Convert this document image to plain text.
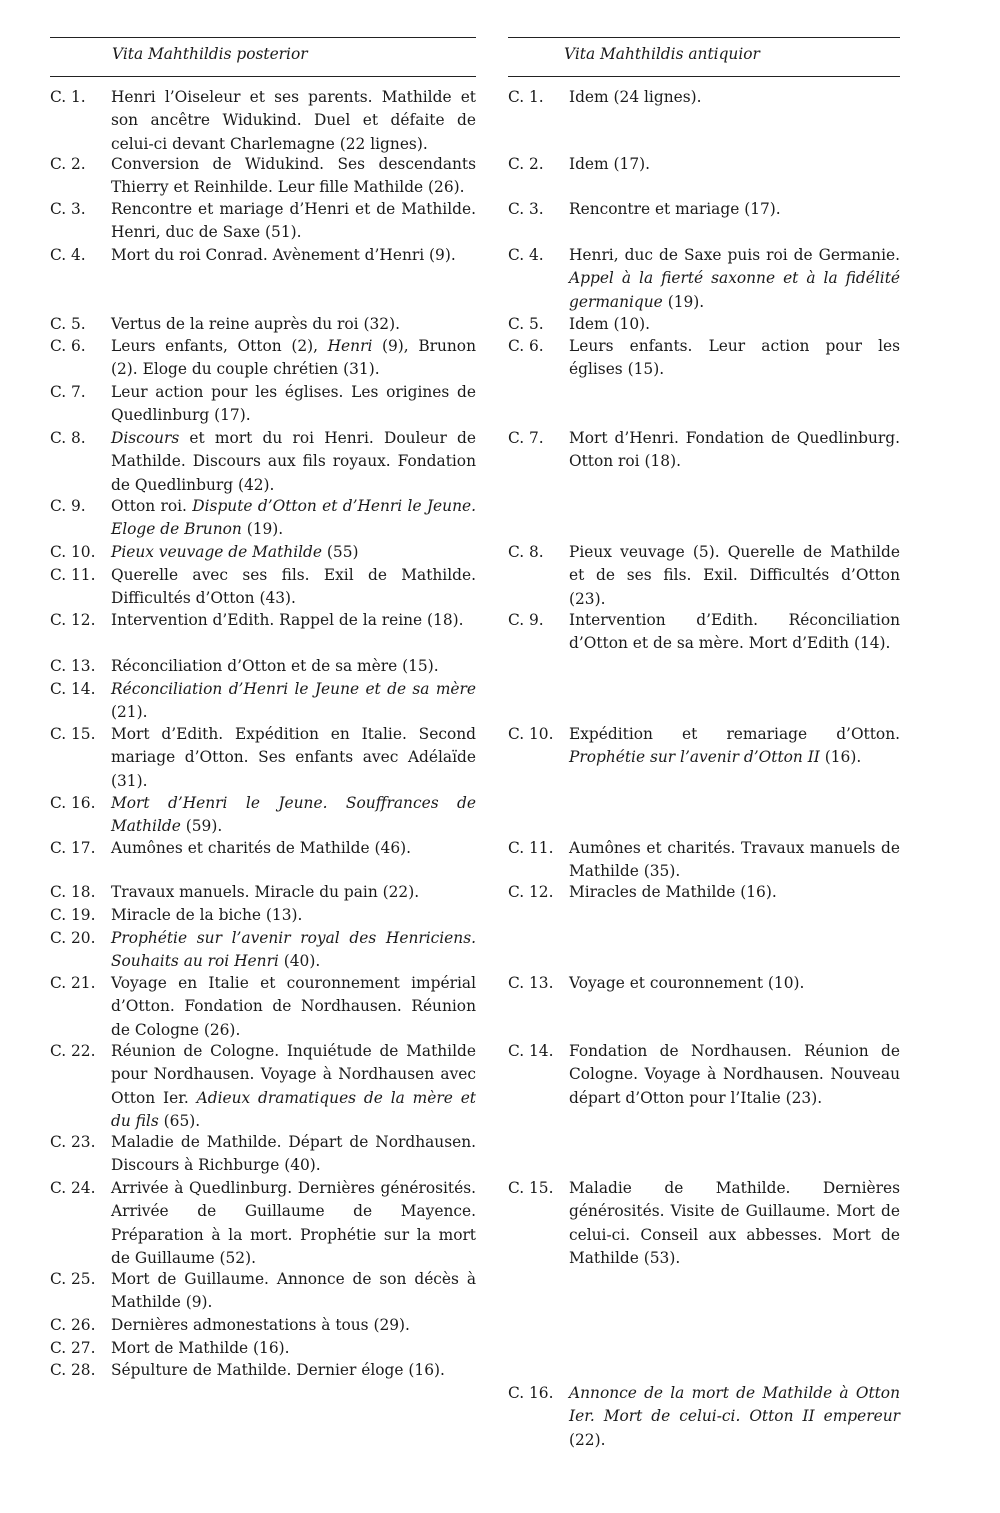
Vita Mahthildis posterior
C. 1.	Henri l’Oiseleur et ses parents. Mathilde et son ancêtre Widukind. Duel et défaite de celui-ci devant Charlemagne (22 lignes).
C. 2.	Conversion de Widukind. Ses descendants Thierry et Reinhilde. Leur fille Mathilde (26).
C. 3.	Rencontre et mariage d’Henri et de Mathilde. Henri, duc de Saxe (51).
C. 4.	Mort du roi Conrad. Avènement d’Henri (9).
C. 5.	Vertus de la reine auprès du roi (32).
C. 6.	Leurs enfants, Otton (2), Henri (9), Brunon (2). Eloge du couple chrétien (31).
C. 7.	Leur action pour les églises. Les origines de Quedlinburg (17).
C. 8.	Discours et mort du roi Henri. Douleur de Mathilde. Discours aux fils royaux. Fondation de Quedlinburg (42).
C. 9.	Otton roi. Dispute d’Otton et d’Henri le Jeune. Eloge de Brunon (19).
C. 10.	Pieux veuvage de Mathilde (55)
C. 11.	Querelle avec ses fils. Exil de Mathilde. Difficultés d’Otton (43).
C. 12.	Intervention d’Edith. Rappel de la reine (18).
C. 13.	Réconciliation d’Otton et de sa mère (15).
C. 14.	Réconciliation d’Henri le Jeune et de sa mère (21).
C. 15.	Mort d’Edith. Expédition en Italie. Second mariage d’Otton. Ses enfants avec Adélaïde (31).
C. 16.	Mort d’Henri le Jeune. Souffrances de Mathilde (59).
C. 17.	Aumônes et charités de Mathilde (46).
C. 18.	Travaux manuels. Miracle du pain (22).
C. 19.	Miracle de la biche (13).
C. 20.	Prophétie sur l’avenir royal des Henriciens. Souhaits au roi Henri (40).
C. 21.	Voyage en Italie et couronnement impérial d’Otton. Fondation de Nordhausen. Réunion de Cologne (26).
C. 22.	Réunion de Cologne. Inquiétude de Mathilde pour Nordhausen. Voyage à Nordhausen avec Otton Ier. Adieux dramatiques de la mère et du fils (65).
C. 23.	Maladie de Mathilde. Départ de Nordhausen. Discours à Richburge (40).
C. 24.	Arrivée à Quedlinburg. Dernières générosités. Arrivée de Guillaume de Mayence. Préparation à la mort. Prophétie sur la mort de Guillaume (52).
C. 25.	Mort de Guillaume. Annonce de son décès à Mathilde (9).
C. 26.	Dernières admonestations à tous (29).
C. 27.	Mort de Mathilde (16).
C. 28.	Sépulture de Mathilde. Dernier éloge (16).
Vita Mahthildis antiquior
C. 1.	Idem (24 lignes).
C. 2.	Idem (17).
C. 3.	Rencontre et mariage (17).
C. 4.	Henri, duc de Saxe puis roi de Germanie. Appel à la fierté saxonne et à la fidélité germanique (19).
C. 5.	Idem (10).
C. 6.	Leurs enfants. Leur action pour les églises (15).
C. 7.	Mort d’Henri. Fondation de Quedlinburg. Otton roi (18).
C. 8.	Pieux veuvage (5). Querelle de Mathilde et de ses fils. Exil. Difficultés d’Otton (23).
C. 9.	Intervention d’Edith. Réconciliation d’Otton et de sa mère. Mort d’Edith (14).
C. 10.	Expédition et remariage d’Otton. Prophétie sur l’avenir d’Otton II (16).
C. 11.	Aumônes et charités. Travaux manuels de Mathilde (35).
C. 12.	Miracles de Mathilde (16).
C. 13.	Voyage et couronnement (10).
C. 14.	Fondation de Nordhausen. Réunion de Cologne. Voyage à Nordhausen. Nouveau départ d’Otton pour l’Italie (23).
C. 15.	Maladie de Mathilde. Dernières générosités. Visite de Guillaume. Mort de celui-ci. Conseil aux abbesses. Mort de Mathilde (53).
C. 16.	Annonce de la mort de Mathilde à Otton Ier. Mort de celui-ci. Otton II empereur (22).
